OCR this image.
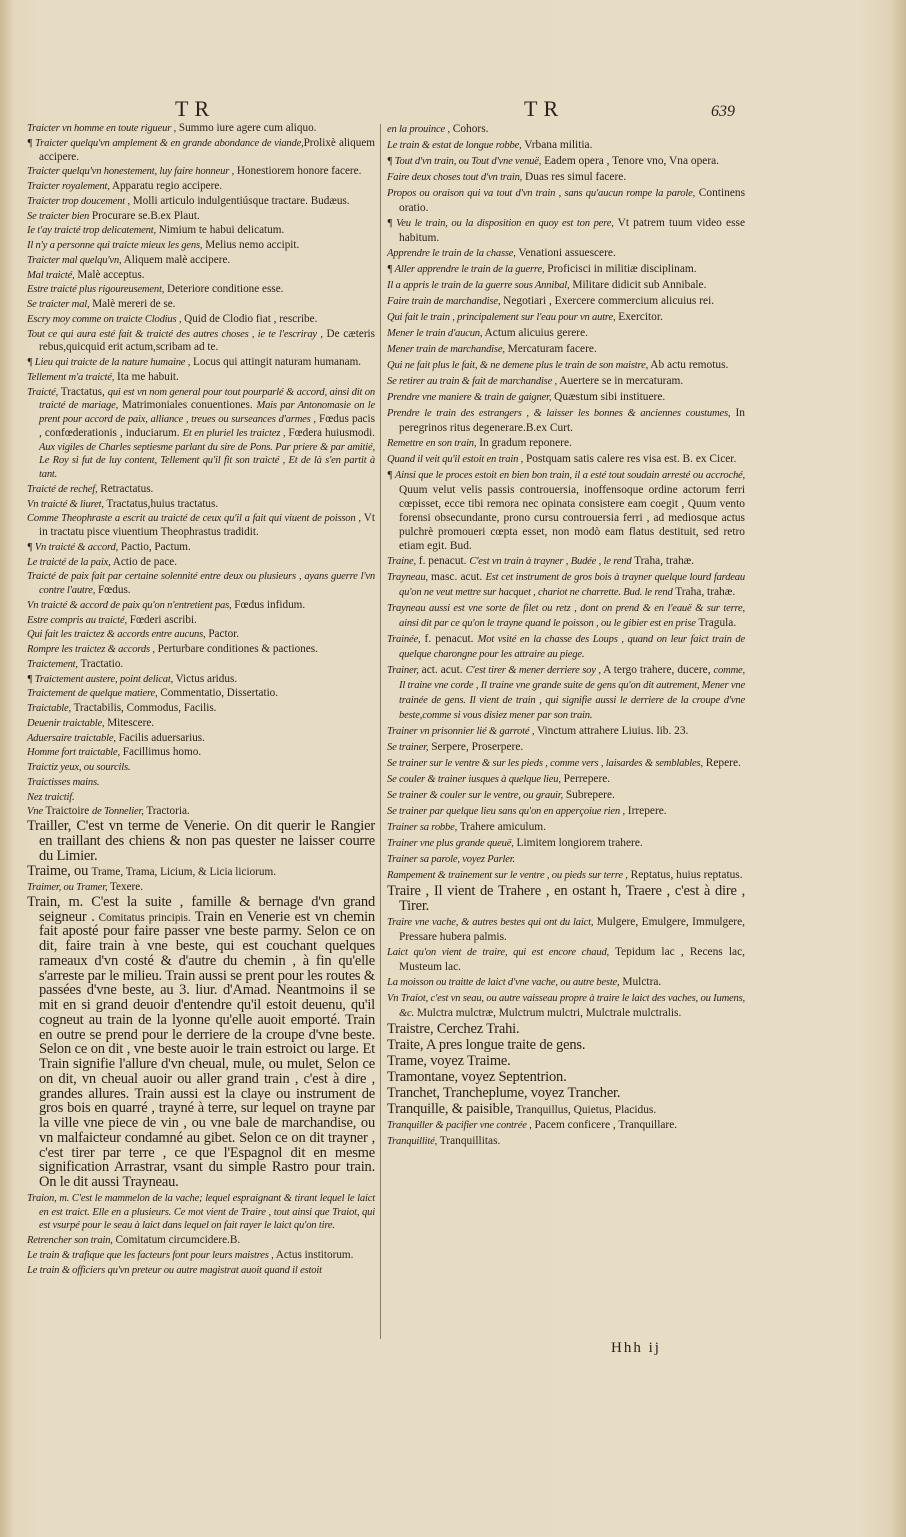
TR	TR	639
Traicter vn homme en toute rigueur , Summo iure agere cum aliquo.
¶ Traicter quelqu'vn amplement & en grande abondance de viande,Prolixè aliquem accipere.
Traicter quelqu'vn honestement, luy faire honneur , Honestiorem honore facere.
Traicter royalement, Apparatu regio accipere.
Traicter trop doucement , Molli articulo indulgentiúsque tractare. Budæus.
Se traicter bien Procurare se.B.ex Plaut.
Ie t'ay traicté trop delicatement, Nimium te habui delicatum.
Il n'y a personne qui traicte mieux les gens, Melius nemo accipit.
Traicter mal quelqu'vn, Aliquem malè accipere.
Mal traicté, Malè acceptus.
Estre traicté plus rigoureusement, Deteriore conditione esse.
Se traicter mal, Malè mereri de se.
Escry moy comme on traicte Clodius , Quid de Clodio fiat , rescribe.
Tout ce qui aura esté fait & traicté des autres choses , ie te l'escriray , De cæteris rebus,quicquid erit actum,scribam ad te.
¶ Lieu qui traicte de la nature humaine , Locus qui attingit naturam humanam.
Tellement m'a traicté, Ita me habuit.
Traicté, Tractatus, qui est vn nom general pour tout pourparlé & accord, ainsi dit on traicté de mariage, Matrimoniales conuentiones. Mais par Antonomasie on le prent pour accord de paix, alliance , treues ou surseances d'armes , Fœdus pacis , confœderationis , induciarum. Et en pluriel les traictez , Fœdera huiusmodi. Aux vigiles de Charles septiesme parlant du sire de Pons. Par priere & par amitié, Le Roy si fut de luy content, Tellement qu'il fit son traicté , Et de là s'en partit à tant.
Traicté de rechef, Retractatus.
Vn traicté & liuret, Tractatus,huius tractatus.
Comme Theophraste a escrit au traicté de ceux qu'il a fait qui viuent de poisson , Vt in tractatu pisce viuentium Theophrastus tradidit.
¶ Vn traicté & accord, Pactio, Pactum.
Le traicté de la paix, Actio de pace.
Traicté de paix fait par certaine solennité entre deux ou plusieurs , ayans guerre l'vn contre l'autre, Fœdus.
Vn traicté & accord de paix qu'on n'entretient pas, Fœdus infidum.
Estre compris au traicté, Fœderi ascribi.
Qui fait les traictez & accords entre aucuns, Pactor.
Rompre les traictez & accords , Perturbare conditiones & pactiones.
Traictement, Tractatio.
¶ Traictement austere, point delicat, Victus aridus.
Traictement de quelque matiere, Commentatio, Dissertatio.
Traictable, Tractabilis, Commodus, Facilis.
Deuenir traictable, Mitescere.
Aduersaire traictable, Facilis aduersarius.
Homme fort traictable, Facillimus homo.
Traictiz yeux, ou sourcils.
Traictisses mains.
Nez traictif.
Vne Traictoire de Tonnelier, Tractoria.
Trailler, C'est vn terme de Venerie. On dit querir le Rangier en traillant des chiens & non pas quester ne laisser courre du Limier.
Traime, ou Trame, Trama, Licium, & Licia liciorum.
Traimer, ou Tramer, Texere.
Train, m. C'est la suite , famille & bernage d'vn grand seigneur . Comitatus principis. Train en Venerie est vn chemin fait aposté pour faire passer vne beste parmy. Selon ce on dit, faire train à vne beste, qui est couchant quelques rameaux d'vn costé & d'autre du chemin , à fin qu'elle s'arreste par le milieu. Train aussi se prent pour les routes & passées d'vne beste, au 3. liur. d'Amad. Neantmoins il se mit en si grand deuoir d'entendre qu'il estoit deuenu, qu'il cogneut au train de la lyonne qu'elle auoit emporté. Train en outre se prend pour le derriere de la croupe d'vne beste. Selon ce on dit , vne beste auoir le train estroict ou large. Et Train signifie l'allure d'vn cheual, mule, ou mulet, Selon ce on dit, vn cheual auoir ou aller grand train , c'est à dire , grandes allures. Train aussi est la claye ou instrument de gros bois en quarré , trayné à terre, sur lequel on trayne par la ville vne piece de vin , ou vne bale de marchandise, ou vn malfaicteur condamné au gibet. Selon ce on dit trayner , c'est tirer par terre , ce que l'Espagnol dit en mesme signification Arrastrar, vsant du simple Rastro pour train. On le dit aussi Trayneau.
Traion, m. C'est le mammelon de la vache; lequel espraignant & tirant lequel le laict en est traict. Elle en a plusieurs. Ce mot vient de Traire , tout ainsi que Traiot, qui est vsurpé pour le seau à laict dans lequel on fait rayer le laict qu'on tire.
Retrencher son train, Comitatum circumcidere.B.
Le train & trafique que les facteurs font pour leurs maistres , Actus institorum.
Le train & officiers qu'vn preteur ou autre magistrat auoit quand il estoit
en la prouince , Cohors.
Le train & estat de longue robbe, Vrbana militia.
¶ Tout d'vn train, ou Tout d'vne venuë, Eadem opera , Tenore vno, Vna opera.
Faire deux choses tout d'vn train, Duas res simul facere.
Propos ou oraison qui va tout d'vn train , sans qu'aucun rompe la parole, Continens oratio.
¶ Veu le train, ou la disposition en quoy est ton pere, Vt patrem tuum video esse habitum.
Apprendre le train de la chasse, Venationi assuescere.
¶ Aller apprendre le train de la guerre, Proficisci in militiæ disciplinam.
Il a appris le train de la guerre sous Annibal, Militare didicit sub Annibale.
Faire train de marchandise, Negotiari , Exercere commercium alicuius rei.
Qui fait le train , principalement sur l'eau pour vn autre, Exercitor.
Mener le train d'aucun, Actum alicuius gerere.
Mener train de marchandise, Mercaturam facere.
Qui ne fait plus le fait, & ne demene plus le train de son maistre, Ab actu remotus.
Se retirer au train & fait de marchandise , Auertere se in mercaturam.
Prendre vne maniere & train de gaigner, Quæstum sibi instituere.
Prendre le train des estrangers , & laisser les bonnes & anciennes coustumes, In peregrinos ritus degenerare.B.ex Curt.
Remettre en son train, In gradum reponere.
Quand il veit qu'il estoit en train , Postquam satis calere res visa est. B. ex Cicer.
¶ Ainsi que le proces estoit en bien bon train, il a esté tout soudain arresté ou accroché, Quum velut velis passis controuersia, inoffensoque ordine actorum ferri cœpisset, ecce tibi remora nec opinata consistere eam coegit , Quum vento forensi obsecundante, prono cursu controuersia ferri , ad mediosque actus pulchrè promoueri cœpta esset, non modò eam flatus destituit, sed retro etiam egit. Bud.
Traine, f. penacut. C'est vn train à trayner , Budée , le rend Traha, trahæ.
Trayneau, masc. acut. Est cet instrument de gros bois à trayner quelque lourd fardeau qu'on ne veut mettre sur hacquet , chariot ne charrette. Bud. le rend Traha, trahæ.
Trayneau aussi est vne sorte de filet ou retz , dont on prend & en l'eauë & sur terre, ainsi dit par ce qu'on le trayne quand le poisson , ou le gibier est en prise Tragula.
Trainée, f. penacut. Mot vsité en la chasse des Loups , quand on leur faict train de quelque charongne pour les attraire au piege.
Trainer, act. acut. C'est tirer & mener derriere soy , A tergo trahere, ducere, comme, Il traine vne corde , Il traine vne grande suite de gens qu'on dit autrement, Mener vne trainée de gens. Il vient de train , qui signifie aussi le derriere de la croupe d'vne beste,comme si vous disiez mener par son train.
Trainer vn prisonnier lié & garroté , Vinctum attrahere Liuius. lib. 23.
Se trainer, Serpere, Proserpere.
Se trainer sur le ventre & sur les pieds , comme vers , laisardes & semblables, Repere.
Se couler & trainer iusques à quelque lieu, Perrepere.
Se trainer & couler sur le ventre, ou grauir, Subrepere.
Se trainer par quelque lieu sans qu'on en apperçoiue rien , Irrepere.
Trainer sa robbe, Trahere amiculum.
Trainer vne plus grande queuë, Limitem longiorem trahere.
Trainer sa parole, voyez Parler.
Rampement & trainement sur le ventre , ou pieds sur terre , Reptatus, huius reptatus.
Traire , Il vient de Trahere , en ostant h, Traere , c'est à dire , Tirer.
Traire vne vache, & autres bestes qui ont du laict, Mulgere, Emulgere, Immulgere, Pressare hubera palmis.
Laict qu'on vient de traire, qui est encore chaud, Tepidum lac , Recens lac, Musteum lac.
La moisson ou traitte de laict d'vne vache, ou autre beste, Mulctra.
Vn Traiot, c'est vn seau, ou autre vaisseau propre à traire le laict des vaches, ou Iumens, &c. Mulctra mulctræ, Mulctrum mulctri, Mulctrale mulctralis.
Traistre, Cerchez Trahi.
Traite, A pres longue traite de gens.
Trame, voyez Traime.
Tramontane, voyez Septentrion.
Tranchet, Trancheplume, voyez Trancher.
Tranquille, & paisible, Tranquillus, Quietus, Placidus.
Tranquiller & pacifier vne contrée , Pacem conficere , Tranquillare.
Tranquillité, Tranquillitas.
Hhh ij
